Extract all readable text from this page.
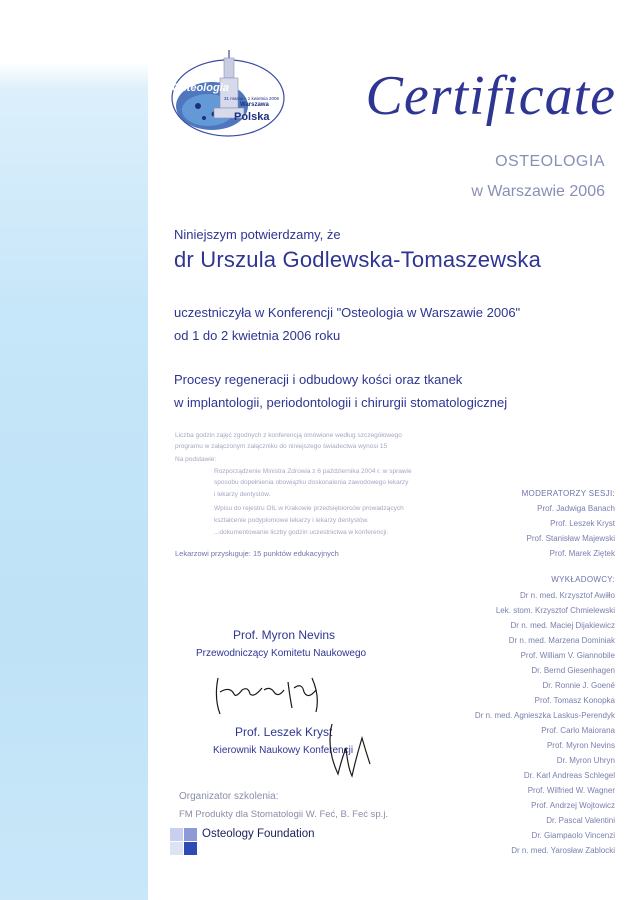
Osteologia
31 marca – 1 kwietnia 2006
Warszawa
Polska	Certificate
OSTEOLOGIA
w Warszawie 2006
Niniejszym potwierdzamy, że
dr Urszula Godlewska-Tomaszewska
uczestniczyła w Konferencji "Osteologia w Warszawie 2006"
od 1 do 2 kwietnia 2006 roku
Procesy regeneracji i odbudowy kości oraz tkanek
w implantologii, periodontologii i chirurgii stomatologicznej
Liczba godzin zajęć zgodnych z konferencją omówione według szczegółowego
programu w załączonym załączniku do niniejszego świadectwa wynosi 15
Na podstawie:
Rozporządzenie Ministra Zdrowia z 6 października 2004 r. w sprawie
sposobu dopełnienia obowiązku doskonalenia zawodowego lekarzy
i lekarzy dentystów.
Wpisu do rejestru OIL w Krakowie przedsiębiorców prowadzących
kształcenie podyplomowe lekarzy i lekarzy dentystów.
...dokumentowanie liczby godzin uczestnictwa w konferencji.
Lekarzowi przysługuje: 15 punktów edukacyjnych
MODERATORZY SESJI:
Prof. Jadwiga Banach
Prof. Leszek Kryst
Prof. Stanisław Majewski
Prof. Marek Ziętek
WYKŁADOWCY:
Dr n. med. Krzysztof Awiłło
Lek. stom. Krzysztof Chmielewski
Dr n. med. Maciej Dijakiewicz
Dr n. med. Marzena Dominiak
Prof. William V. Giannobile
Dr. Bernd Giesenhagen
Dr. Ronnie J. Goené
Prof. Tomasz Konopka
Dr n. med. Agnieszka Laskus-Perendyk
Prof. Carlo Maiorana
Prof. Myron Nevins
Dr. Myron Uhryn
Dr. Karl Andreas Schlegel
Prof. Wilfried W. Wagner
Prof. Andrzej Wojtowicz
Dr. Pascal Valentini
Dr. Giampaolo Vincenzi
Dr n. med. Yarosław Zablocki
Prof. Myron Nevins
Przewodniczący Komitetu Naukowego
Prof. Leszek Kryst
Kierownik Naukowy Konferencji
Organizator szkolenia:
FM Produkty dla Stomatologii W. Feć, B. Feć sp.j.
Osteology Foundation
